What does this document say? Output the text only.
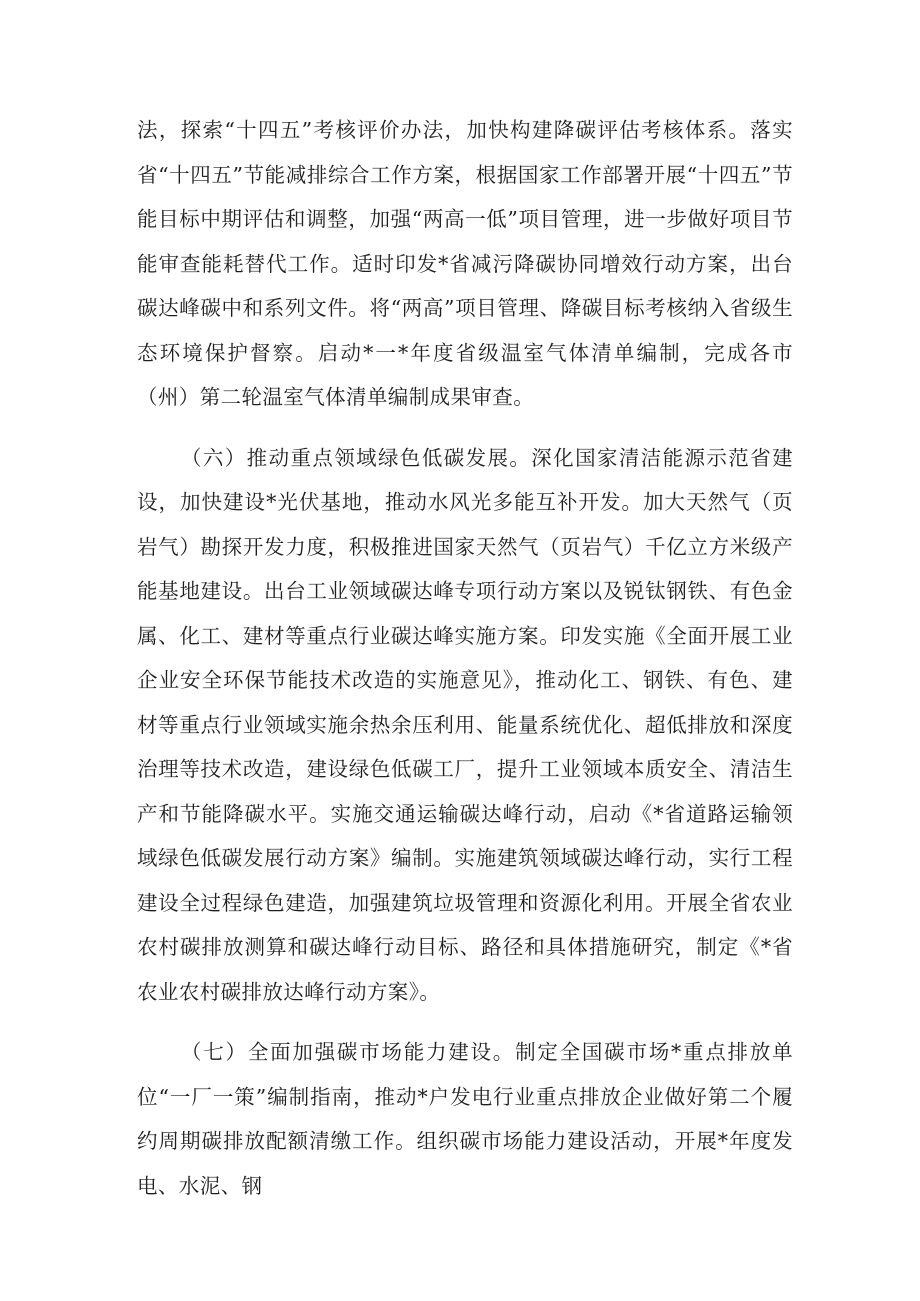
法，探索“十四五”考核评价办法，加快构建降碳评估考核体系。落实省“十四五”节能减排综合工作方案，根据国家工作部署开展“十四五”节能目标中期评估和调整，加强“两高一低”项目管理，进一步做好项目节能审查能耗替代工作。适时印发*省减污降碳协同增效行动方案，出台碳达峰碳中和系列文件。将“两高”项目管理、降碳目标考核纳入省级生态环境保护督察。启动*一*年度省级温室气体清单编制，完成各市（州）第二轮温室气体清单编制成果审查。

（六）推动重点领域绿色低碳发展。深化国家清洁能源示范省建设，加快建设*光伏基地，推动水风光多能互补开发。加大天然气（页岩气）勘探开发力度，积极推进国家天然气（页岩气）千亿立方米级产能基地建设。出台工业领域碳达峰专项行动方案以及锐钛钢铁、有色金属、化工、建材等重点行业碳达峰实施方案。印发实施《全面开展工业企业安全环保节能技术改造的实施意见》，推动化工、钢铁、有色、建材等重点行业领域实施余热余压利用、能量系统优化、超低排放和深度治理等技术改造，建设绿色低碳工厂，提升工业领域本质安全、清洁生产和节能降碳水平。实施交通运输碳达峰行动，启动《*省道路运输领域绿色低碳发展行动方案》编制。实施建筑领域碳达峰行动，实行工程建设全过程绿色建造，加强建筑垃圾管理和资源化利用。开展全省农业农村碳排放测算和碳达峰行动目标、路径和具体措施研究，制定《*省农业农村碳排放达峰行动方案》。

（七）全面加强碳市场能力建设。制定全国碳市场*重点排放单位“一厂一策”编制指南，推动*户发电行业重点排放企业做好第二个履约周期碳排放配额清缴工作。组织碳市场能力建设活动，开展*年度发电、水泥、钢
